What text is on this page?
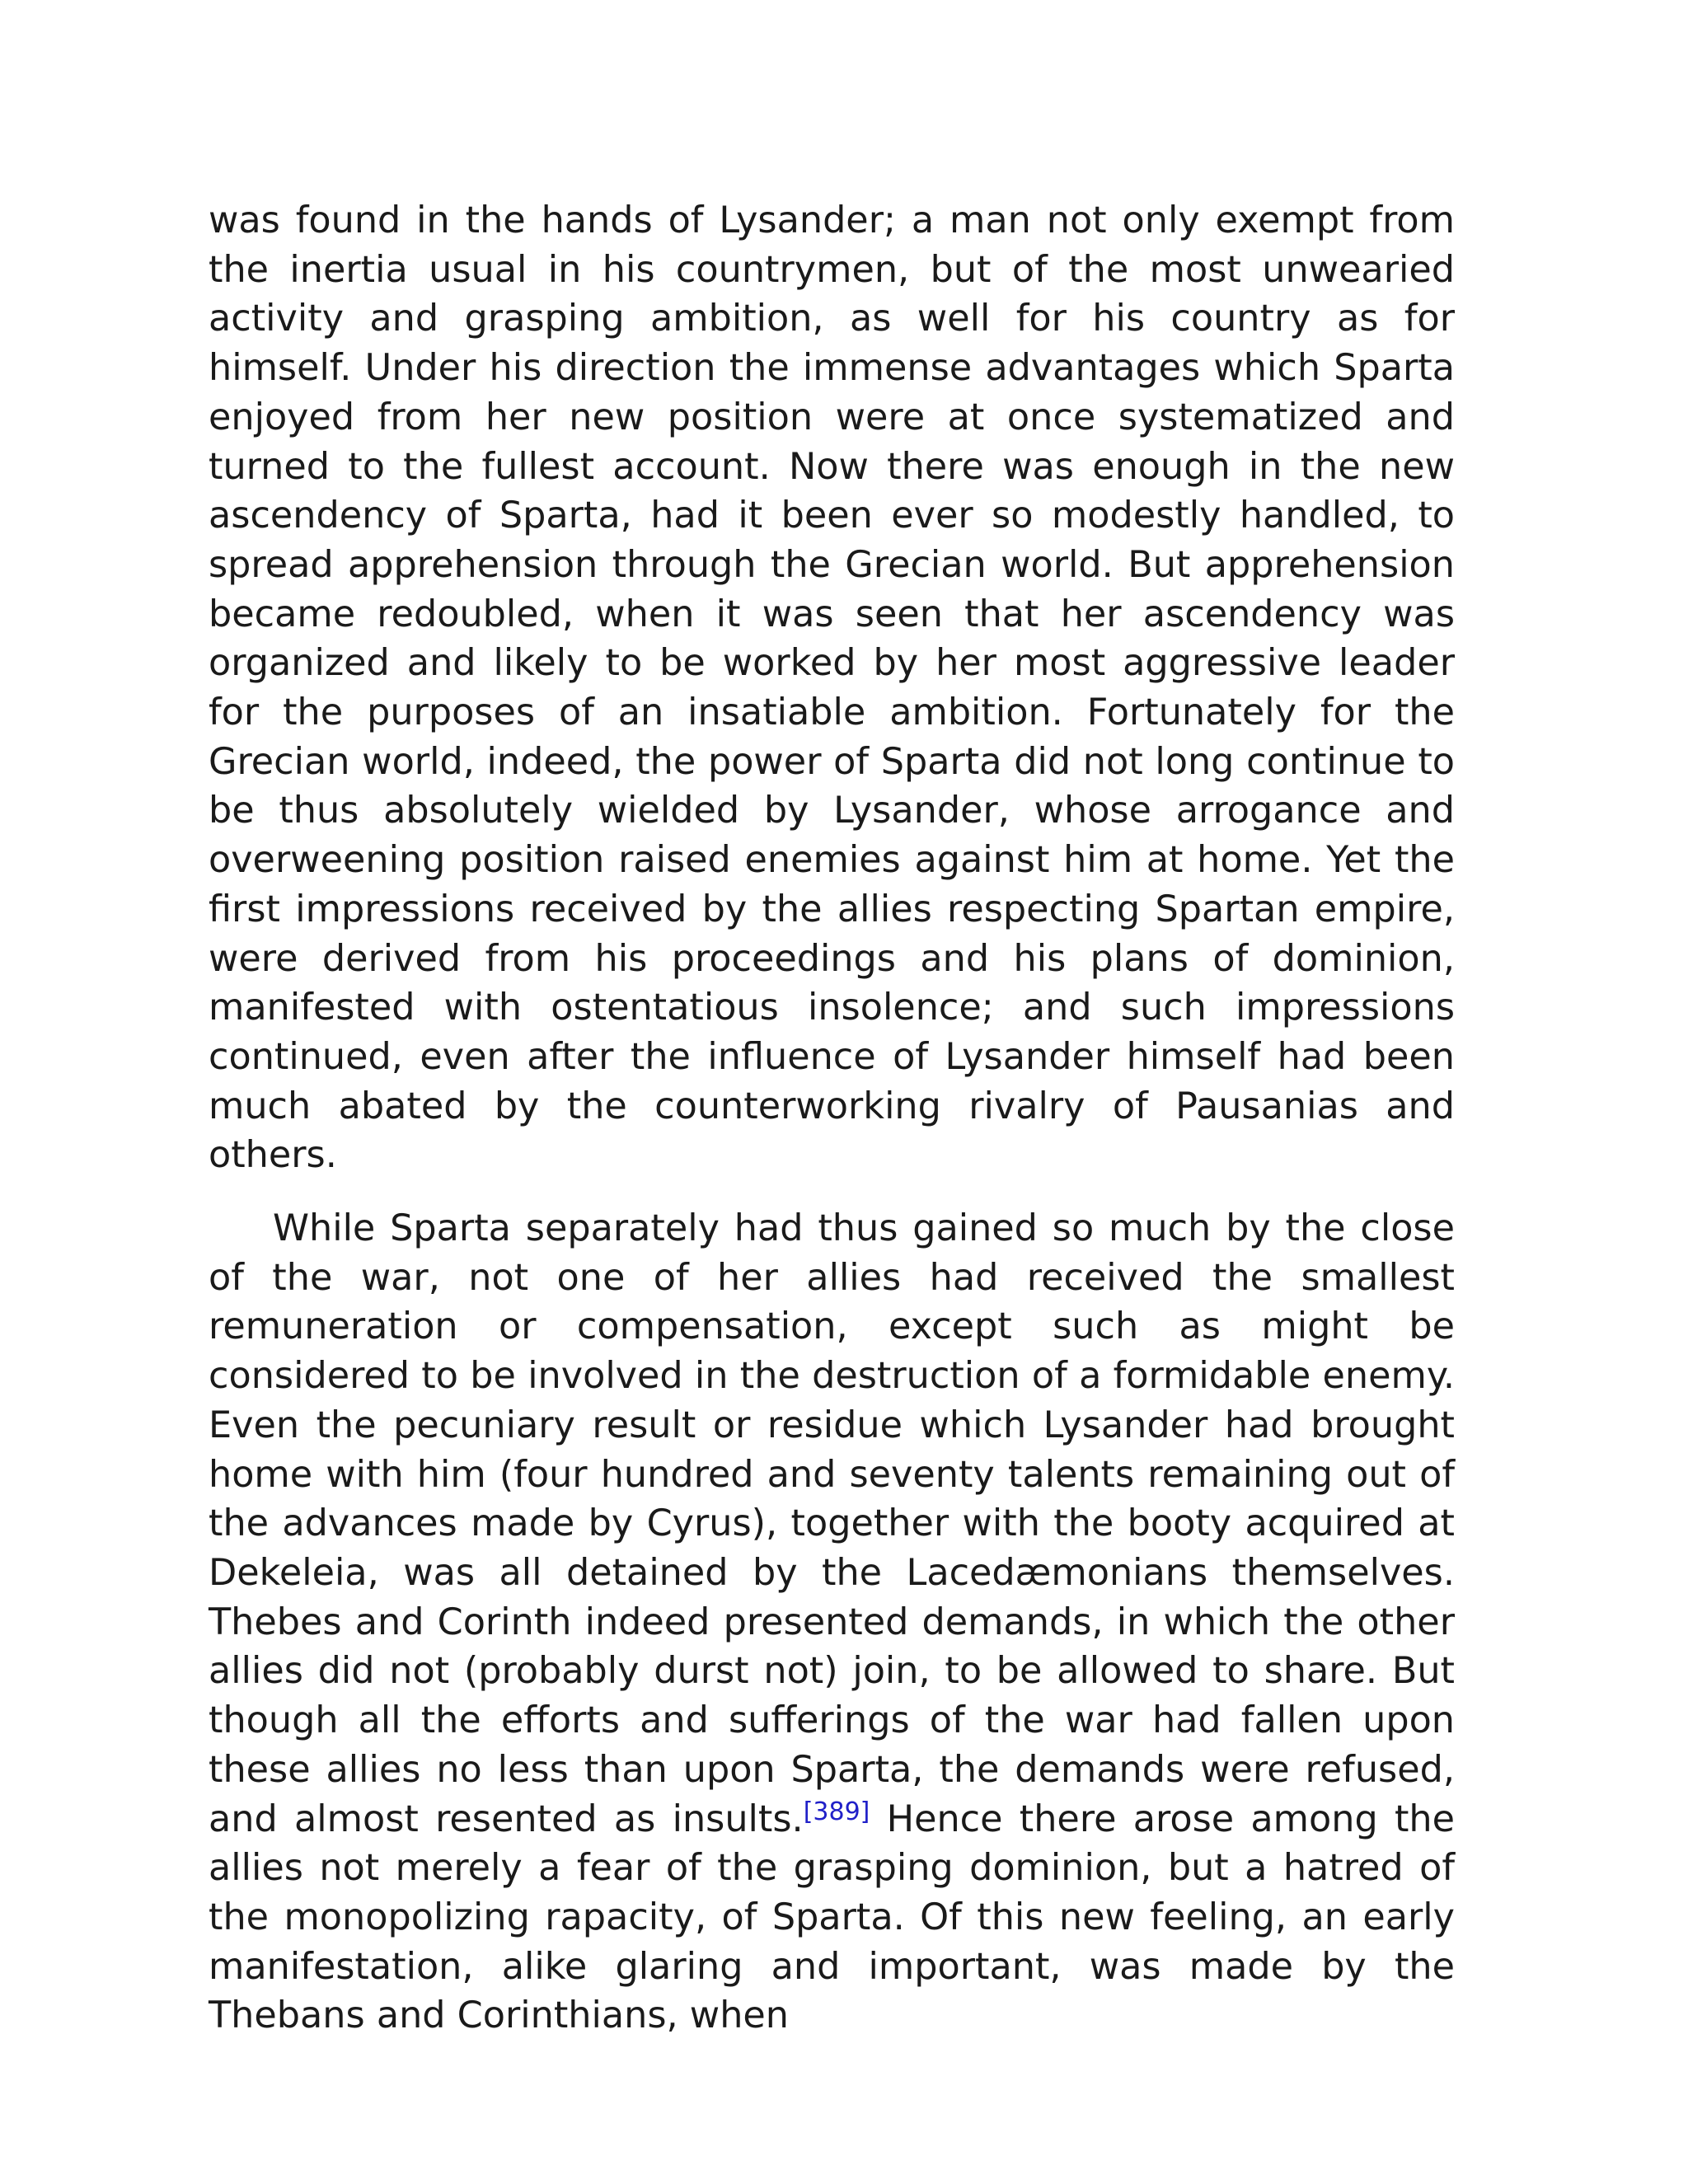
was found in the hands of Lysander; a man not only exempt from the inertia usual in his countrymen, but of the most unwearied activity and grasping ambition, as well for his country as for himself. Under his direction the immense advantages which Sparta enjoyed from her new position were at once systematized and turned to the fullest account. Now there was enough in the new ascendency of Sparta, had it been ever so modestly handled, to spread apprehension through the Grecian world. But apprehension became redoubled, when it was seen that her ascendency was organized and likely to be worked by her most aggressive leader for the purposes of an insatiable ambition. Fortunately for the Grecian world, indeed, the power of Sparta did not long continue to be thus absolutely wielded by Lysander, whose arrogance and overweening position raised enemies against him at home. Yet the first impressions received by the allies respecting Spartan empire, were derived from his proceedings and his plans of dominion, manifested with ostentatious insolence; and such impressions continued, even after the influence of Lysander himself had been much abated by the counterworking rivalry of Pausanias and others.

While Sparta separately had thus gained so much by the close of the war, not one of her allies had received the smallest remuneration or compensation, except such as might be considered to be involved in the destruction of a formidable enemy. Even the pecuniary result or residue which Lysander had brought home with him (four hundred and seventy talents remaining out of the advances made by Cyrus), together with the booty acquired at Dekeleia, was all detained by the Lacedæmonians themselves. Thebes and Corinth indeed presented demands, in which the other allies did not (probably durst not) join, to be allowed to share. But though all the efforts and sufferings of the war had fallen upon these allies no less than upon Sparta, the demands were refused, and almost resented as insults.[389] Hence there arose among the allies not merely a fear of the grasping dominion, but a hatred of the monopolizing rapacity, of Sparta. Of this new feeling, an early manifestation, alike glaring and important, was made by the Thebans and Corinthians, when
